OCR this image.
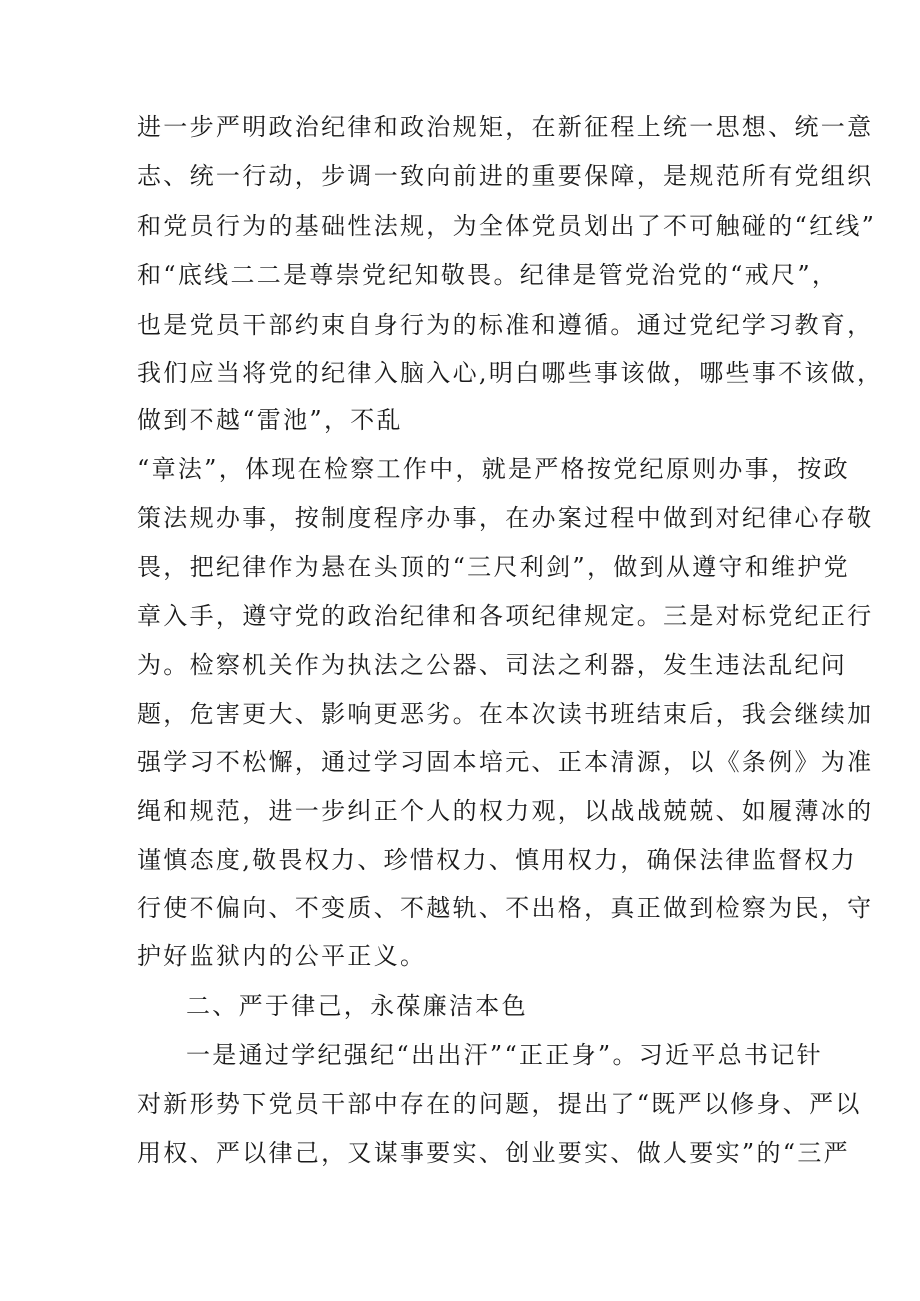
进一步严明政治纪律和政治规矩，在新征程上统一思想、统一意
志、统一行动，步调一致向前进的重要保障，是规范所有党组织
和党员行为的基础性法规，为全体党员划出了不可触碰的“红线”
和“底线二二是尊崇党纪知敬畏。纪律是管党治党的“戒尺”，
也是党员干部约束自身行为的标准和遵循。通过党纪学习教育，
我们应当将党的纪律入脑入心,明白哪些事该做，哪些事不该做，
做到不越“雷池”，不乱
“章法”，体现在检察工作中，就是严格按党纪原则办事，按政
策法规办事，按制度程序办事，在办案过程中做到对纪律心存敬
畏，把纪律作为悬在头顶的“三尺利剑”，做到从遵守和维护党
章入手，遵守党的政治纪律和各项纪律规定。三是对标党纪正行
为。检察机关作为执法之公器、司法之利器，发生违法乱纪问
题，危害更大、影响更恶劣。在本次读书班结束后，我会继续加
强学习不松懈，通过学习固本培元、正本清源，以《条例》为准
绳和规范，进一步纠正个人的权力观，以战战兢兢、如履薄冰的
谨慎态度,敬畏权力、珍惜权力、慎用权力，确保法律监督权力
行使不偏向、不变质、不越轨、不出格，真正做到检察为民，守
护好监狱内的公平正义。
二、严于律己，永葆廉洁本色
一是通过学纪强纪“出出汗”“正正身”。习近平总书记针
对新形势下党员干部中存在的问题，提出了“既严以修身、严以
用权、严以律己，又谋事要实、创业要实、做人要实”的“三严
